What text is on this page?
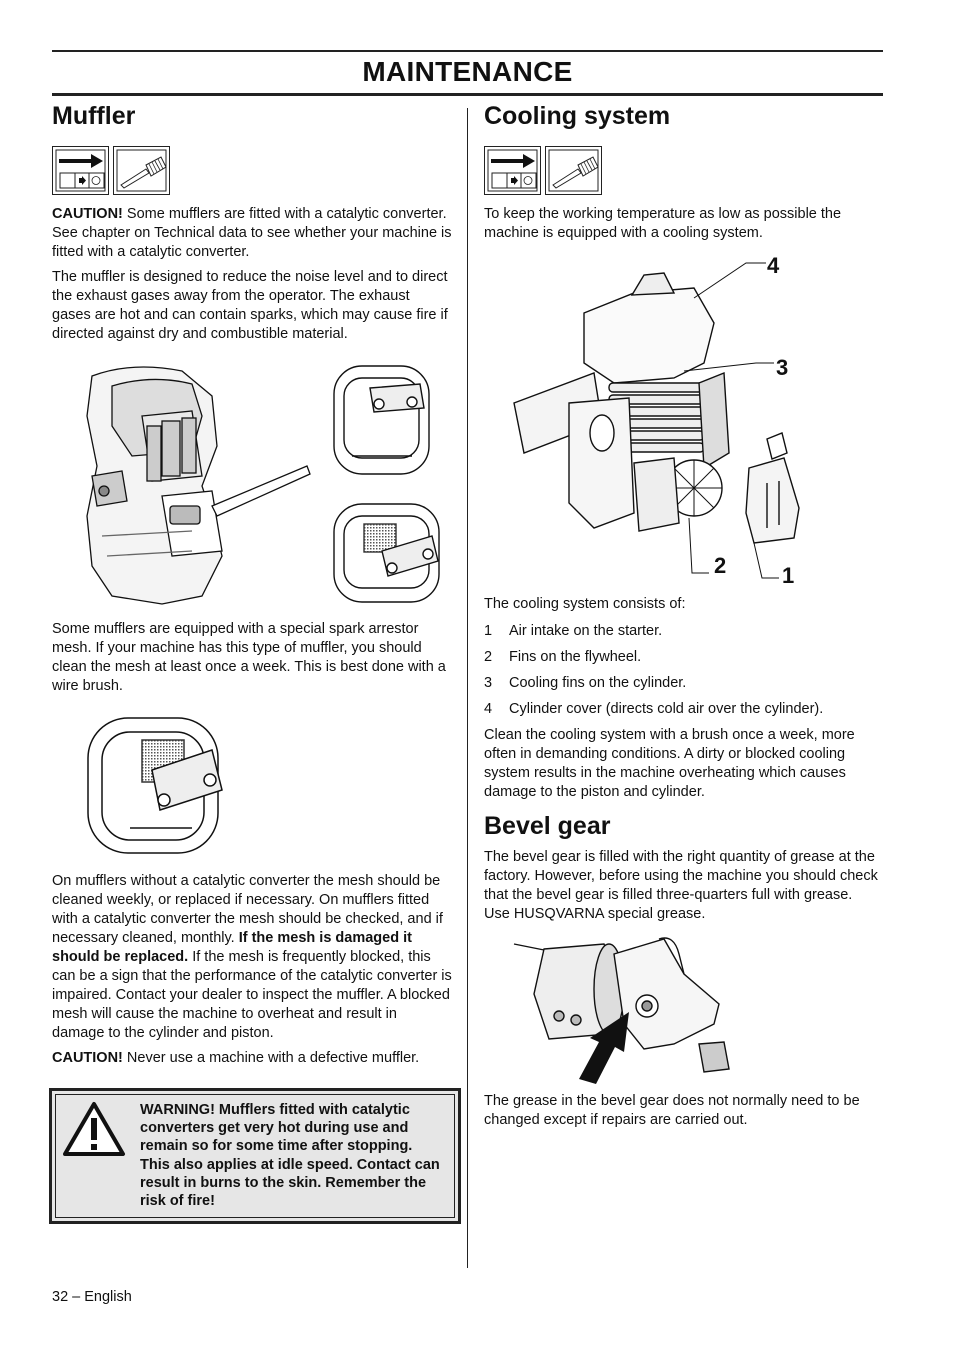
MAINTENANCE
Muffler

CAUTION! Some mufflers are fitted with a catalytic converter. See chapter on Technical data to see whether your machine is fitted with a catalytic converter.

The muffler is designed to reduce the noise level and to direct the exhaust gases away from the operator. The exhaust gases are hot and can contain sparks, which may cause fire if directed against dry and combustible material.

Some mufflers are equipped with a special spark arrestor mesh. If your machine has this type of muffler, you should clean the mesh at least once a week. This is best done with a wire brush.

On mufflers without a catalytic converter the mesh should be cleaned weekly, or replaced if necessary. On mufflers fitted with a catalytic converter the mesh should be checked, and if necessary cleaned, monthly. If the mesh is damaged it should be replaced. If the mesh is frequently blocked, this can be a sign that the performance of the catalytic converter is impaired. Contact your dealer to inspect the muffler. A blocked mesh will cause the machine to overheat and result in damage to the cylinder and piston.

CAUTION! Never use a machine with a defective muffler.

WARNING! Mufflers fitted with catalytic converters get very hot during use and remain so for some time after stopping. This also applies at idle speed. Contact can result in burns to the skin. Remember the risk of fire!
Cooling system

To keep the working temperature as low as possible the machine is equipped with a cooling system.

4
3
2	1

The cooling system consists of:

1	Air intake on the starter.
2	Fins on the flywheel.
3	Cooling fins on the cylinder.
4	Cylinder cover (directs cold air over the cylinder).

Clean the cooling system with a brush once a week, more often in demanding conditions. A dirty or blocked cooling system results in the machine overheating which causes damage to the piston and cylinder.

Bevel gear

The bevel gear is filled with the right quantity of grease at the factory. However, before using the machine you should check that the bevel gear is filled three-quarters full with grease. Use HUSQVARNA special grease.

The grease in the bevel gear does not normally need to be changed except if repairs are carried out.

32 – English
